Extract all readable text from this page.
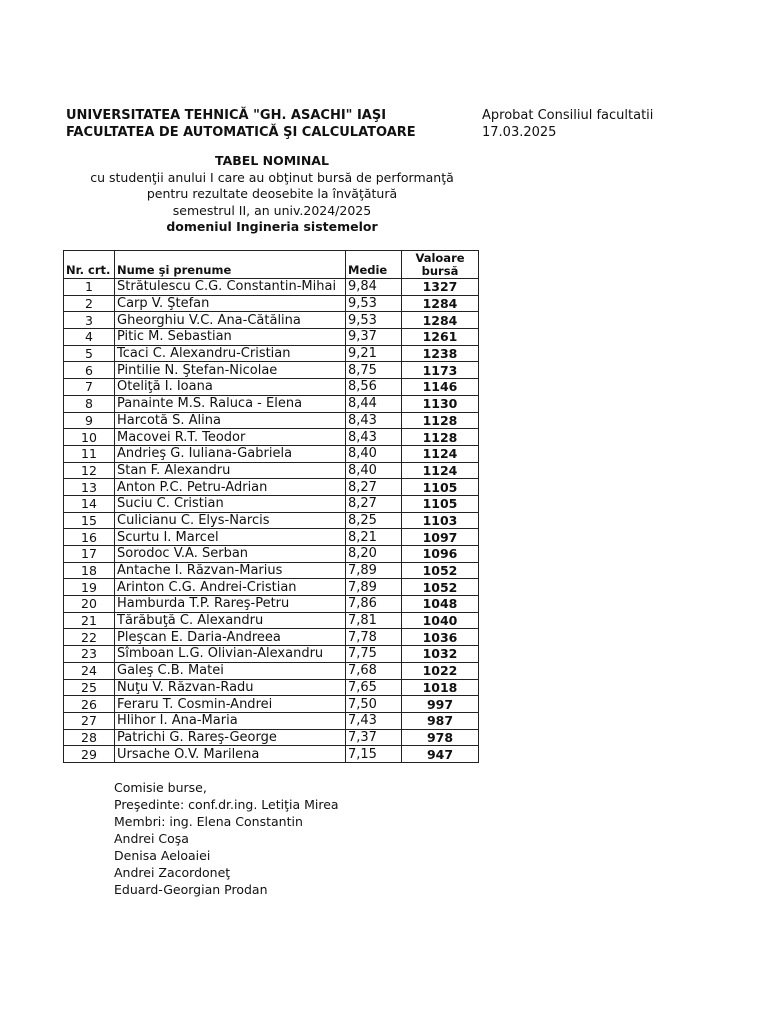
UNIVERSITATEA TEHNICĂ "GH. ASACHI" IAŞI
FACULTATEA DE AUTOMATICĂ ŞI CALCULATOARE
Aprobat Consiliul facultatii
17.03.2025
TABEL NOMINAL
cu studenţii anului I care au obţinut bursă de performanţă
pentru rezultate deosebite la învăţătură
semestrul II, an univ.2024/2025
domeniul Ingineria sistemelor
Nr. crt.	Nume şi prenume	Medie	Valoare
bursă
1	Strătulescu C.G. Constantin-Mihai	9,84	1327
2	Carp V. Ştefan	9,53	1284
3	Gheorghiu V.C. Ana-Cătălina	9,53	1284
4	Pitic M. Sebastian	9,37	1261
5	Tcaci C. Alexandru-Cristian	9,21	1238
6	Pintilie N. Ştefan-Nicolae	8,75	1173
7	Oteliţă I. Ioana	8,56	1146
8	Panainte M.S. Raluca - Elena	8,44	1130
9	Harcotă S. Alina	8,43	1128
10	Macovei R.T. Teodor	8,43	1128
11	Andrieş G. Iuliana-Gabriela	8,40	1124
12	Stan F. Alexandru	8,40	1124
13	Anton P.C. Petru-Adrian	8,27	1105
14	Suciu C. Cristian	8,27	1105
15	Culicianu C. Elys-Narcis	8,25	1103
16	Scurtu I. Marcel	8,21	1097
17	Sorodoc V.A. Serban	8,20	1096
18	Antache I. Răzvan-Marius	7,89	1052
19	Arinton C.G. Andrei-Cristian	7,89	1052
20	Hamburda T.P. Rareş-Petru	7,86	1048
21	Tărăbuţă C. Alexandru	7,81	1040
22	Pleşcan E. Daria-Andreea	7,78	1036
23	Sîmboan L.G. Olivian-Alexandru	7,75	1032
24	Galeş C.B. Matei	7,68	1022
25	Nuţu V. Răzvan-Radu	7,65	1018
26	Feraru T. Cosmin-Andrei	7,50	997
27	Hlihor I. Ana-Maria	7,43	987
28	Patrichi G. Rareş-George	7,37	978
29	Ursache O.V. Marilena	7,15	947
Comisie burse,
Preşedinte: conf.dr.ing. Letiţia Mirea
Membri: ing. Elena Constantin
Andrei Coşa
Denisa Aeloaiei
Andrei Zacordoneţ
Eduard-Georgian Prodan
